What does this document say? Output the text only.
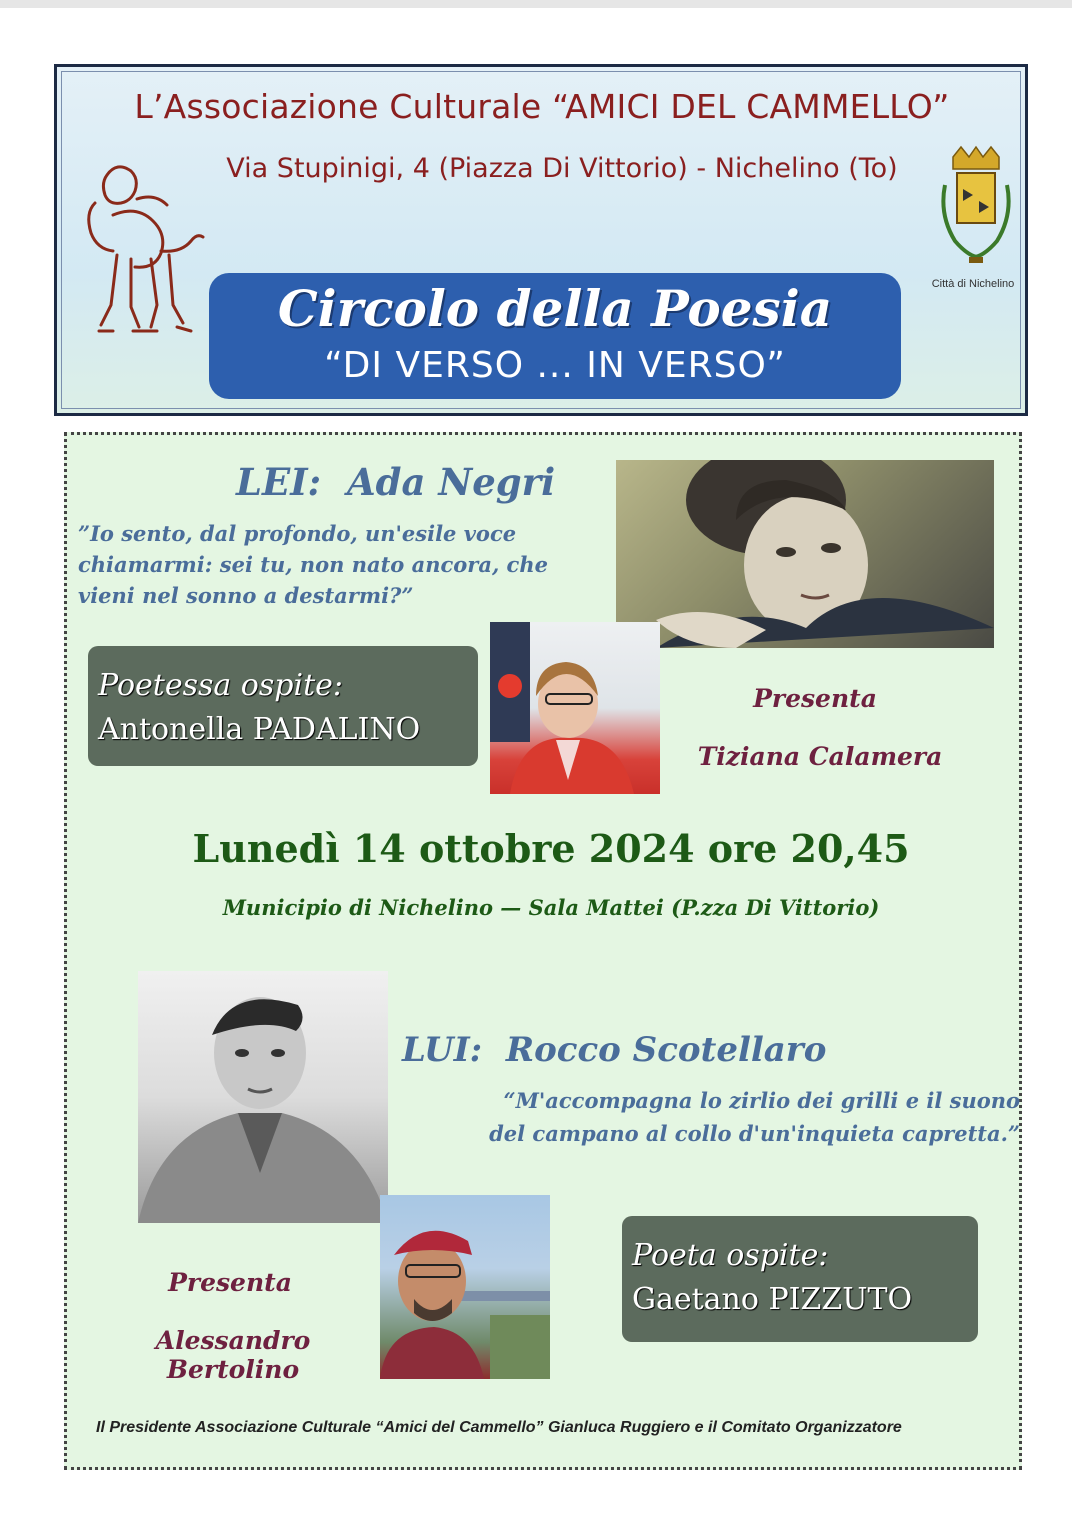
L’Associazione Culturale “AMICI DEL CAMMELLO”
Via Stupinigi, 4 (Piazza Di Vittorio) - Nichelino (To)
Città di Nichelino
Circolo della Poesia
“DI VERSO ... IN VERSO”
LEI:  Ada Negri
”Io sento, dal profondo, un'esile voce
chiamarmi: sei tu, non nato ancora, che
vieni nel sonno a destarmi?”
Poetessa ospite:
Antonella PADALINO
Presenta
Tiziana Calamera
Lunedì 14 ottobre 2024 ore 20,45
Municipio di Nichelino — Sala Mattei (P.zza Di Vittorio)
LUI:  Rocco Scotellaro
“M'accompagna lo zirlio dei grilli e il suono
del campano al collo d'un'inquieta capretta.”
Presenta
Alessandro Bertolino
Poeta ospite:
Gaetano PIZZUTO
Il Presidente Associazione Culturale “Amici del Cammello” Gianluca Ruggiero e il Comitato Organizzatore
